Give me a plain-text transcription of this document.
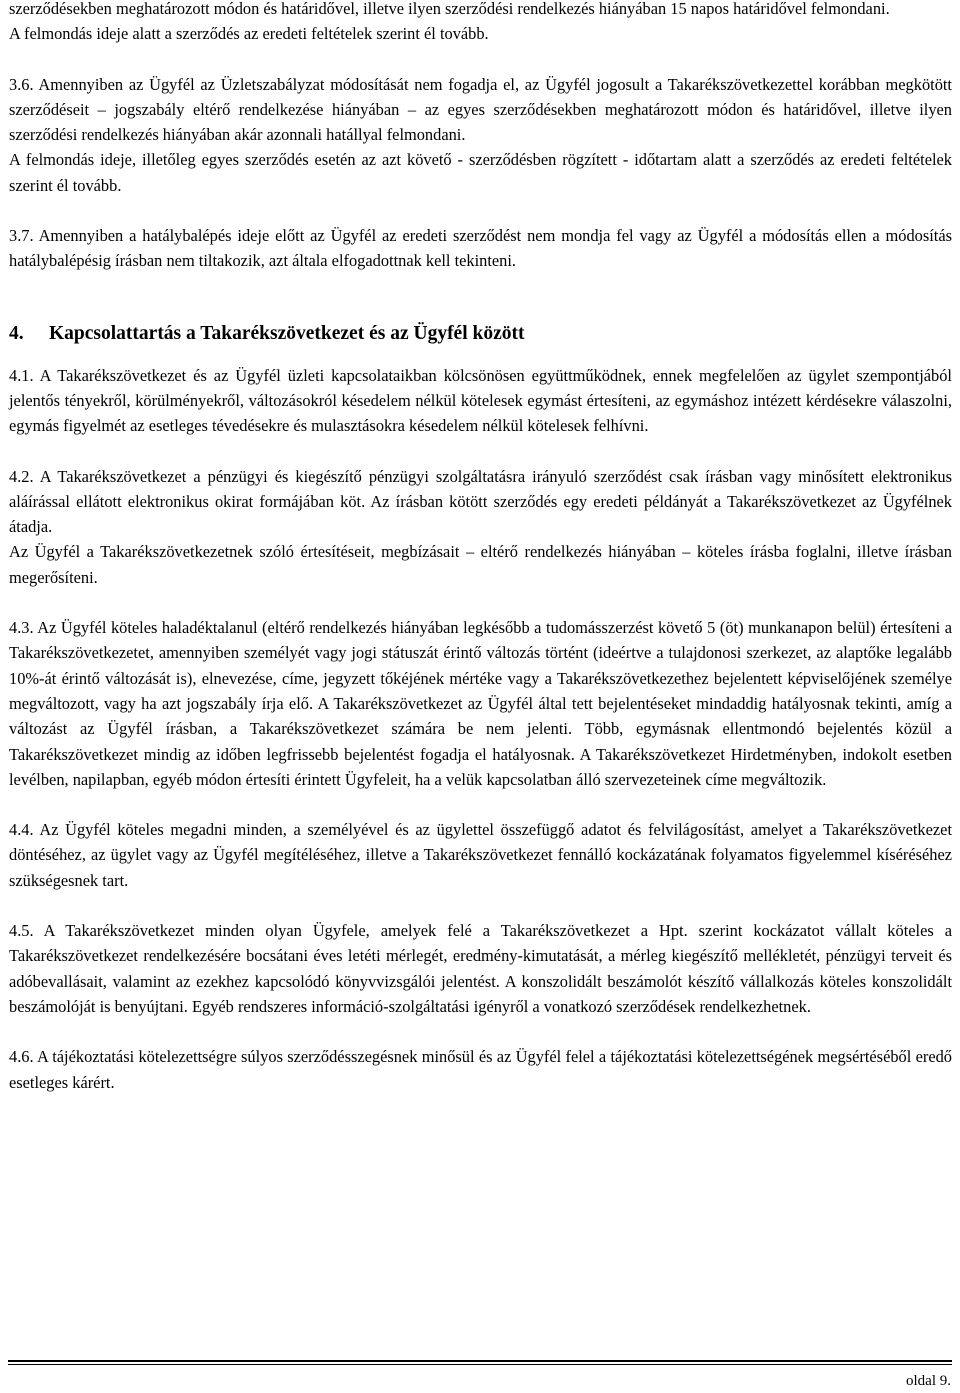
szerződésekben meghatározott módon és határidővel, illetve ilyen szerződési rendelkezés hiányában 15 napos határidővel felmondani.

A felmondás ideje alatt a szerződés az eredeti feltételek szerint él tovább.

3.6. Amennyiben az Ügyfél az Üzletszabályzat módosítását nem fogadja el, az Ügyfél jogosult a Takarékszövetkezettel korábban megkötött szerződéseit – jogszabály eltérő rendelkezése hiányában – az egyes szerződésekben meghatározott módon és határidővel, illetve ilyen szerződési rendelkezés hiányában akár azonnali hatállyal felmondani.

A felmondás ideje, illetőleg egyes szerződés esetén az azt követő - szerződésben rögzített - időtartam alatt a szerződés az eredeti feltételek szerint él tovább.

3.7. Amennyiben a hatálybalépés ideje előtt az Ügyfél az eredeti szerződést nem mondja fel vagy az Ügyfél a módosítás ellen a módosítás hatálybalépésig írásban nem tiltakozik, azt általa elfogadottnak kell tekinteni.

4. Kapcsolattartás a Takarékszövetkezet és az Ügyfél között

4.1. A Takarékszövetkezet és az Ügyfél üzleti kapcsolataikban kölcsönösen együttműködnek, ennek megfelelően az ügylet szempontjából jelentős tényekről, körülményekről, változásokról késedelem nélkül kötelesek egymást értesíteni, az egymáshoz intézett kérdésekre válaszolni, egymás figyelmét az esetleges tévedésekre és mulasztásokra késedelem nélkül kötelesek felhívni.

4.2. A Takarékszövetkezet a pénzügyi és kiegészítő pénzügyi szolgáltatásra irányuló szerződést csak írásban vagy minősített elektronikus aláírással ellátott elektronikus okirat formájában köt. Az írásban kötött szerződés egy eredeti példányát a Takarékszövetkezet az Ügyfélnek átadja.

Az Ügyfél a Takarékszövetkezetnek szóló értesítéseit, megbízásait – eltérő rendelkezés hiányában – köteles írásba foglalni, illetve írásban megerősíteni.

4.3. Az Ügyfél köteles haladéktalanul (eltérő rendelkezés hiányában legkésőbb a tudomásszerzést követő 5 (öt) munkanapon belül) értesíteni a Takarékszövetkezetet, amennyiben személyét vagy jogi státuszát érintő változás történt (ideértve a tulajdonosi szerkezet, az alaptőke legalább 10%-át érintő változását is), elnevezése, címe, jegyzett tőkéjének mértéke vagy a Takarékszövetkezethez bejelentett képviselőjének személye megváltozott, vagy ha azt jogszabály írja elő. A Takarékszövetkezet az Ügyfél által tett bejelentéseket mindaddig hatályosnak tekinti, amíg a változást az Ügyfél írásban, a Takarékszövetkezet számára be nem jelenti. Több, egymásnak ellentmondó bejelentés közül a Takarékszövetkezet mindig az időben legfrissebb bejelentést fogadja el hatályosnak. A Takarékszövetkezet Hirdetményben, indokolt esetben levélben, napilapban, egyéb módon értesíti érintett Ügyfeleit, ha a velük kapcsolatban álló szervezeteinek címe megváltozik.

4.4. Az Ügyfél köteles megadni minden, a személyével és az ügylettel összefüggő adatot és felvilágosítást, amelyet a Takarékszövetkezet döntéséhez, az ügylet vagy az Ügyfél megítéléséhez, illetve a Takarékszövetkezet fennálló kockázatának folyamatos figyelemmel kíséréséhez szükségesnek tart.

4.5. A Takarékszövetkezet minden olyan Ügyfele, amelyek felé a Takarékszövetkezet a Hpt. szerint kockázatot vállalt köteles a Takarékszövetkezet rendelkezésére bocsátani éves letéti mérlegét, eredmény-kimutatását, a mérleg kiegészítő mellékletét, pénzügyi terveit és adóbevallásait, valamint az ezekhez kapcsolódó könyvvizsgálói jelentést. A konszolidált beszámolót készítő vállalkozás köteles konszolidált beszámolóját is benyújtani. Egyéb rendszeres információ-szolgáltatási igényről a vonatkozó szerződések rendelkezhetnek.

4.6. A tájékoztatási kötelezettségre súlyos szerződésszegésnek minősül és az Ügyfél felel a tájékoztatási kötelezettségének megsértéséből eredő esetleges kárért.

oldal 9.
